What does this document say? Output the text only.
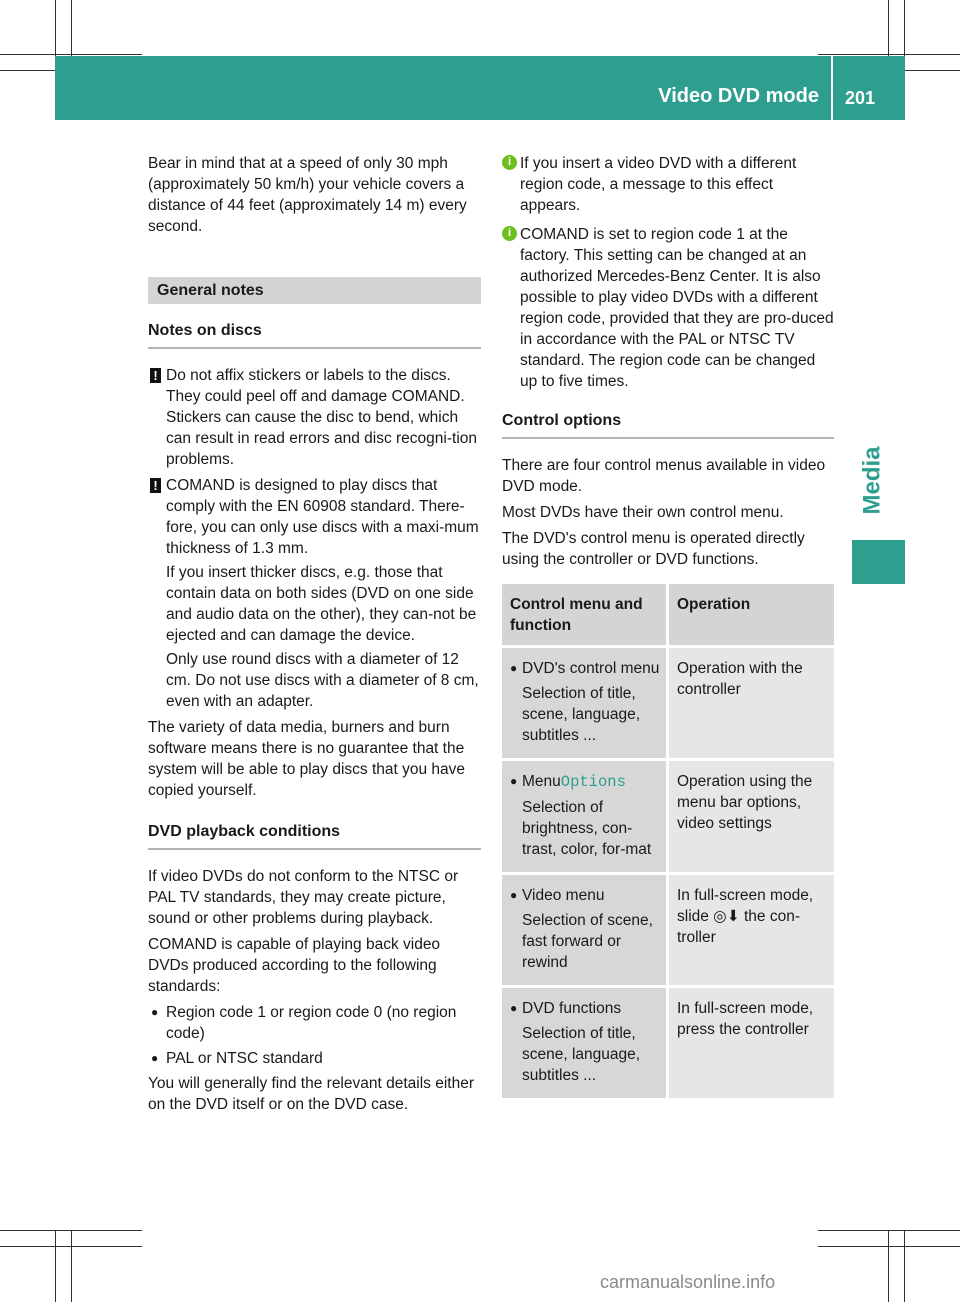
Video DVD mode 201
Media

Bear in mind that at a speed of only 30 mph (approximately 50 km/h) your vehicle covers a distance of 44 feet (approximately 14 m) every second.

General notes
Notes on discs
! Do not affix stickers or labels to the discs. They could peel off and damage COMAND. Stickers can cause the disc to bend, which can result in read errors and disc recogni-tion problems.
! COMAND is designed to play discs that comply with the EN 60908 standard. There-fore, you can only use discs with a maxi-mum thickness of 1.3 mm.
If you insert thicker discs, e.g. those that contain data on both sides (DVD on one side and audio data on the other), they can-not be ejected and can damage the device.
Only use round discs with a diameter of 12 cm. Do not use discs with a diameter of 8 cm, even with an adapter.

The variety of data media, burners and burn software means there is no guarantee that the system will be able to play discs that you have copied yourself.

DVD playback conditions

If video DVDs do not conform to the NTSC or PAL TV standards, they may create picture, sound or other problems during playback.

COMAND is capable of playing back video DVDs produced according to the following standards:

● Region code 1 or region code 0 (no region code)
● PAL or NTSC standard

You will generally find the relevant details either on the DVD itself or on the DVD case.

i If you insert a video DVD with a different region code, a message to this effect appears.
i COMAND is set to region code 1 at the factory. This setting can be changed at an authorized Mercedes-Benz Center. It is also possible to play video DVDs with a different region code, provided that they are pro-duced in accordance with the PAL or NTSC TV standard. The region code can be changed up to five times.
Control options

There are four control menus available in video DVD mode.

Most DVDs have their own control menu.

The DVD's control menu is operated directly using the controller or DVD functions.

Control menu and function	Operation

● DVD's control menu
Selection of title, scene, language, subtitles ...	Operation with the controller

● MenuOptions
Selection of brightness, con-trast, color, for-mat	Operation using the menu bar options, video settings

● Video menu
Selection of scene, fast forward or rewind	In full-screen mode, slide ◎⬇ the con-troller

● DVD functions
Selection of title, scene, language, subtitles ...	In full-screen mode, press the controller
carmanualsonline.info
